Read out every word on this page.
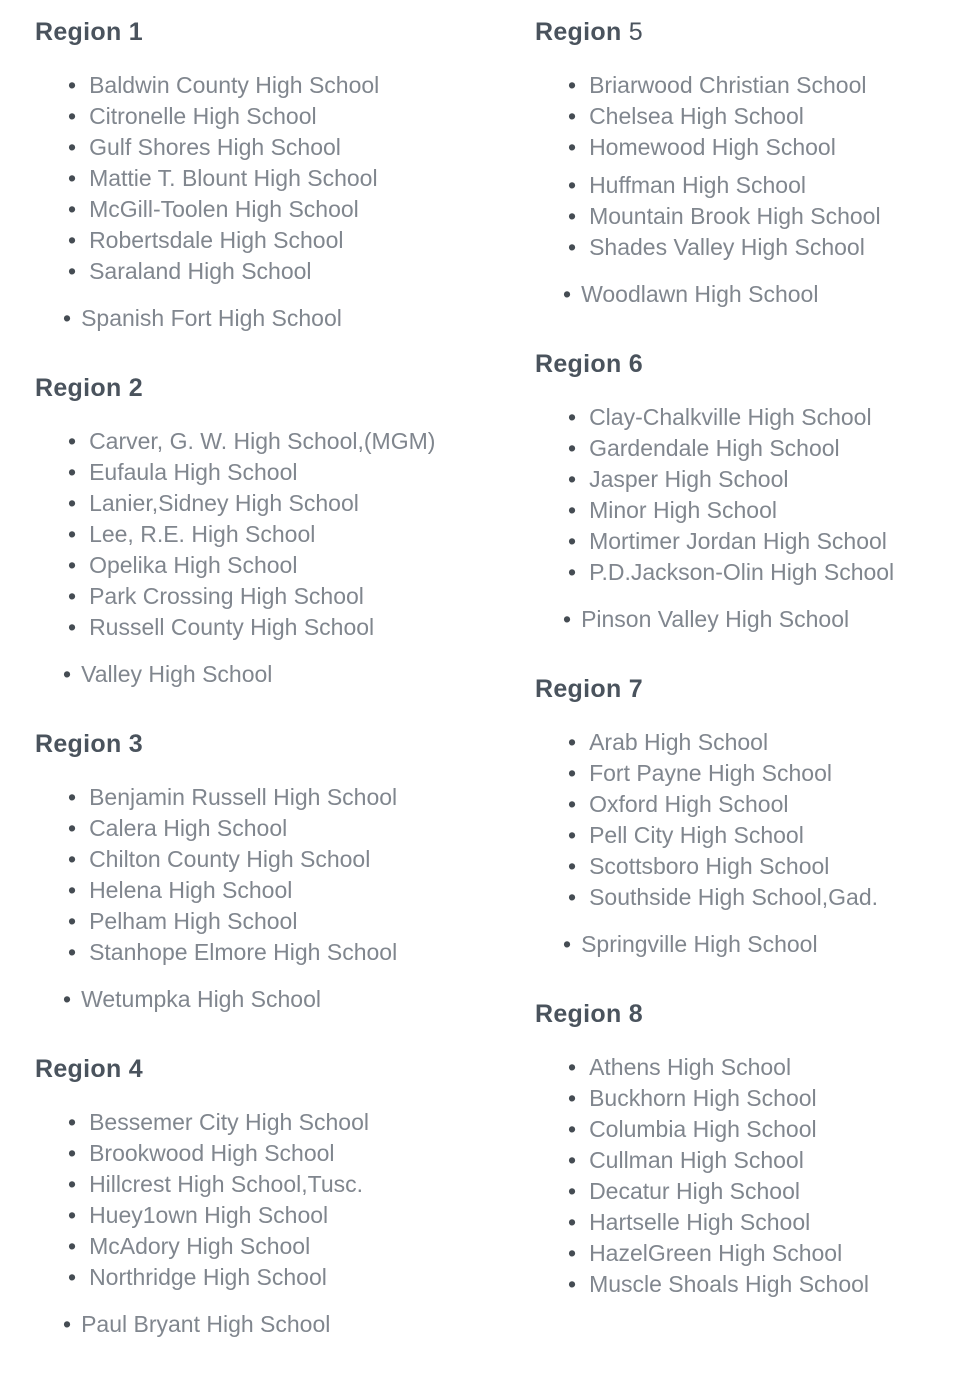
Region 1
• Baldwin County High School
• Citronelle High School
• Gulf Shores High School
• Mattie T. Blount High School
• McGill-Toolen High School
• Robertsdale High School
• Saraland High School
• Spanish Fort High School
Region 2
• Carver, G. W. High School,(MGM)
• Eufaula High School
• Lanier,Sidney High School
• Lee, R.E. High School
• Opelika High School
• Park Crossing High School
• Russell County High School
• Valley High School
Region 3
• Benjamin Russell High School
• Calera High School
• Chilton County High School
• Helena High School
• Pelham High School
• Stanhope Elmore High School
• Wetumpka High School
Region 4
• Bessemer City High School
• Brookwood High School
• Hillcrest High School,Tusc.
• Huey1own High School
• McAdory High School
• Northridge High School
• Paul Bryant High School
Region 5
• Briarwood Christian School
• Chelsea High School
• Homewood High School
• Huffman High School
• Mountain Brook High School
• Shades Valley High School
• Woodlawn High School
Region 6
• Clay-Chalkville High School
• Gardendale High School
• Jasper High School
• Minor High School
• Mortimer Jordan High School
• P.D.Jackson-Olin High School
• Pinson Valley High School
Region 7
• Arab High School
• Fort Payne High School
• Oxford High School
• Pell City High School
• Scottsboro High School
• Southside High School,Gad.
• Springville High School
Region 8
• Athens High School
• Buckhorn High School
• Columbia High School
• Cullman High School
• Decatur High School
• Hartselle High School
• HazelGreen High School
• Muscle Shoals High School
